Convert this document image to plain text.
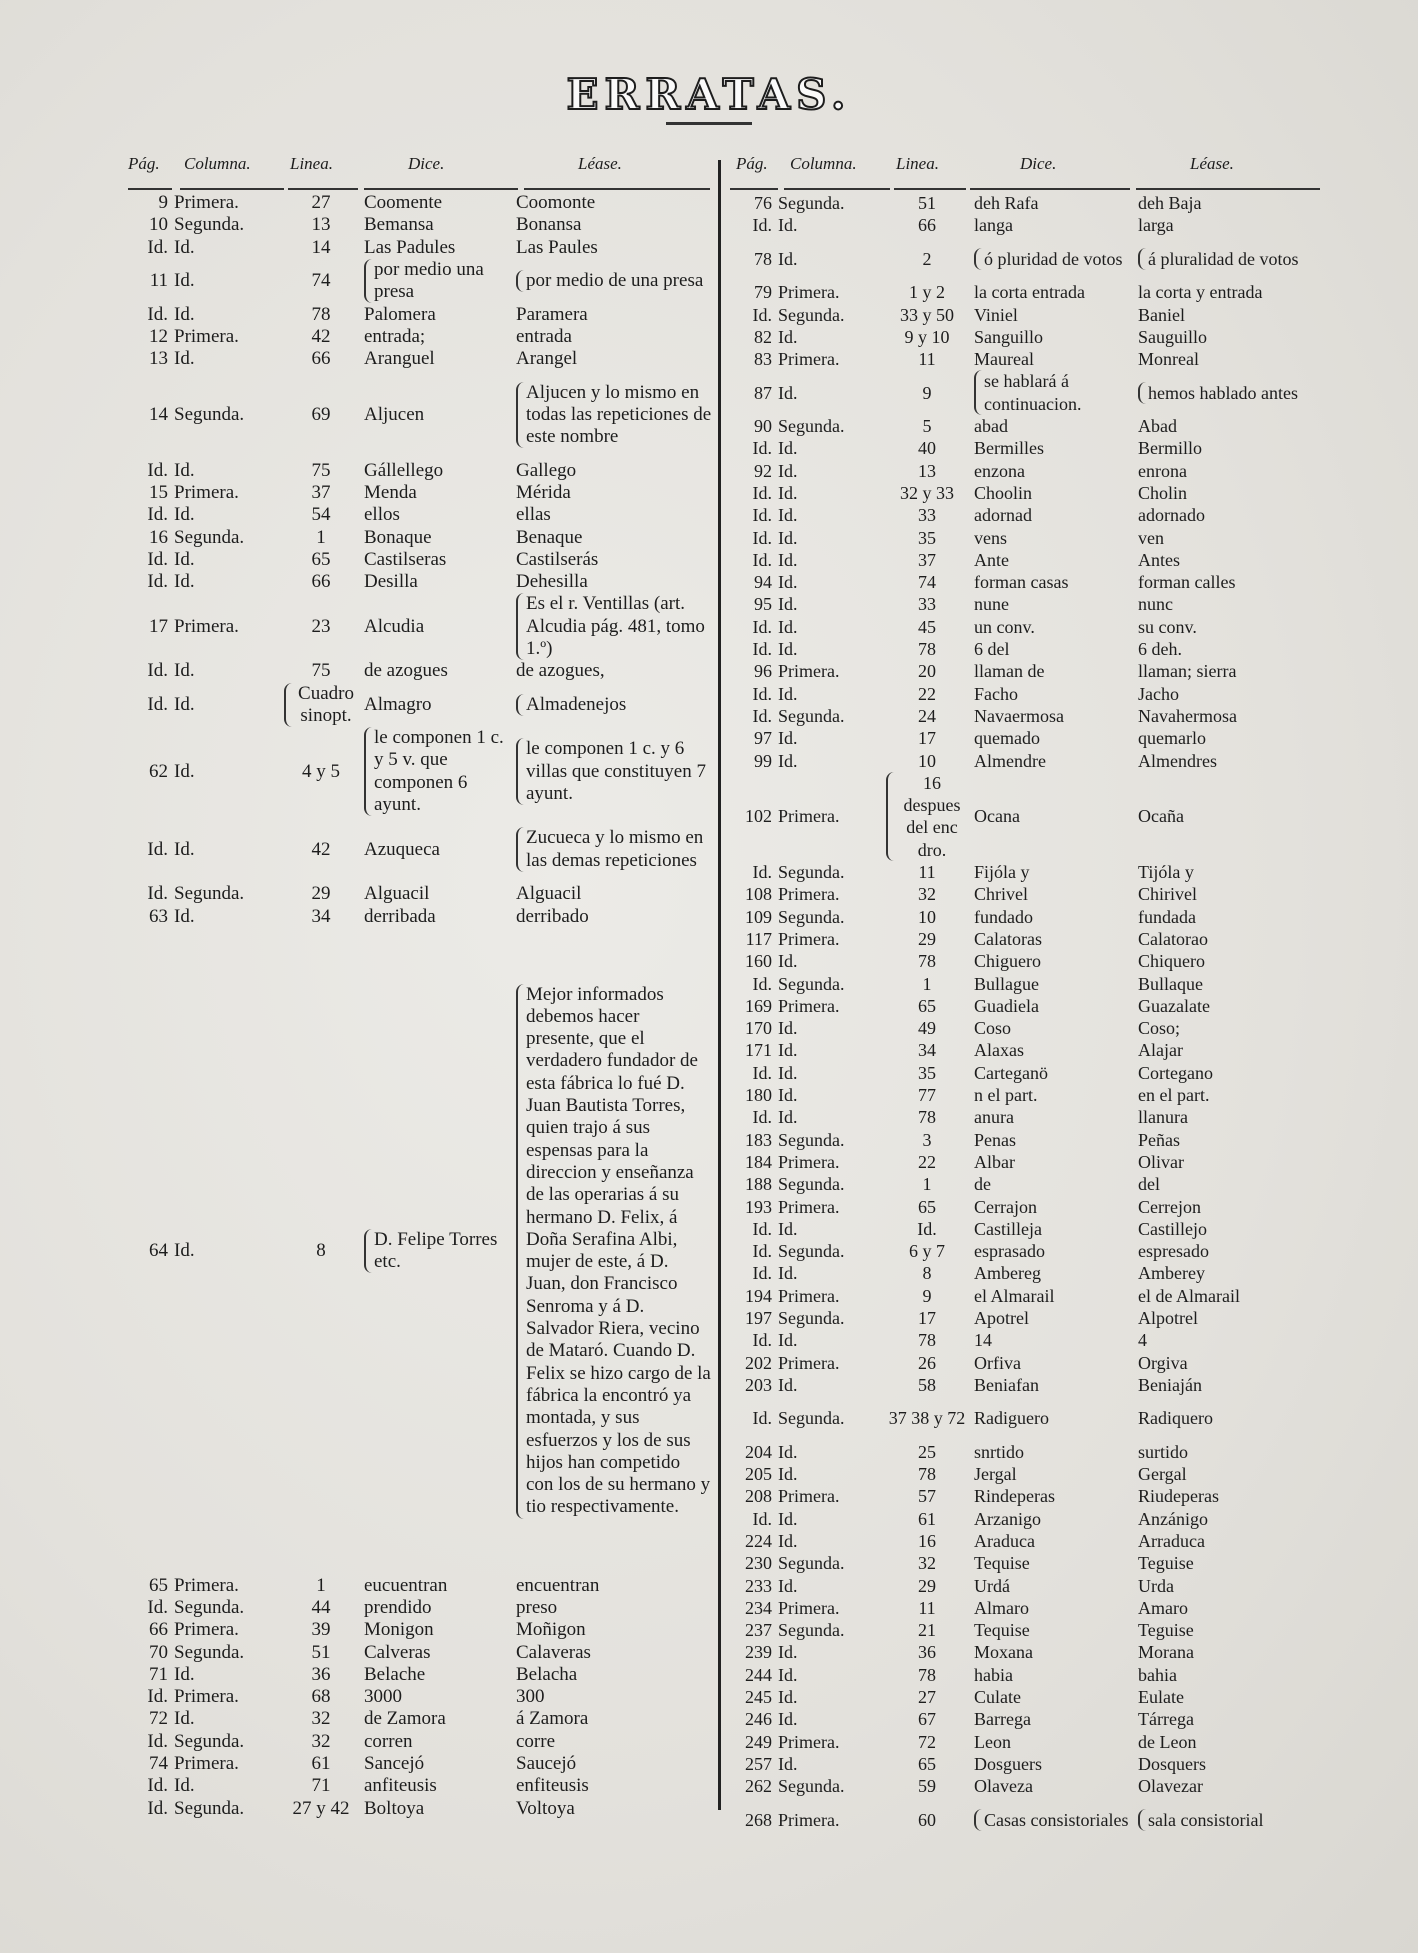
ERRATAS.
Pág. Columna. Linea.	Dice.	Léase.
9	Primera.	27	Coomente	Coomonte
10	Segunda.	13	Bemansa	Bonansa
Id.	Id.	14	Las Padules	Las Paules
11	Id.	74	por medio una presa	por medio de una presa
Id.	Id.	78	Palomera	Paramera
12	Primera.	42	entrada;	entrada
13	Id.	66	Aranguel	Arangel
14	Segunda.	69	Aljucen	Aljucen y lo mismo en todas las repeticiones de este nombre
Id.	Id.	75	Gállellego	Gallego
15	Primera.	37	Menda	Mérida
Id.	Id.	54	ellos	ellas
16	Segunda.	1	Bonaque	Benaque
Id.	Id.	65	Castilseras	Castilserás
Id.	Id.	66	Desilla	Dehesilla
17	Primera.	23	Alcudia	Es el r. Ventillas (art. Alcudia pág. 481, tomo 1.º)
Id.	Id.	75	de azogues	de azogues,
Id.	Id.	Cuadro sinopt.	Almagro	Almadenejos
62	Id.	4 y 5	le componen 1 c. y 5 v. que componen 6 ayunt.	le componen 1 c. y 6 villas que constituyen 7 ayunt.
Id.	Id.	42	Azuqueca	Zucueca y lo mismo en las demas repeticiones
Id.	Segunda.	29	Alguacil	Alguacil
63	Id.	34	derribada	derribado
64	Id.	8	D. Felipe Torres etc.	Mejor informados debemos hacer presente, que el verdadero fundador de esta fábrica lo fué D. Juan Bautista Torres, quien trajo á sus espensas para la direccion y enseñanza de las operarias á su hermano D. Felix, á Doña Serafina Albi, mujer de este, á D. Juan, don Francisco Senroma y á D. Salvador Riera, vecino de Mataró. Cuando D. Felix se hizo cargo de la fábrica la encontró ya montada, y sus esfuerzos y los de sus hijos han competido con los de su hermano y tio respectivamente.
65	Primera.	1	eucuentran	encuentran
Id.	Segunda.	44	prendido	preso
66	Primera.	39	Monigon	Moñigon
70	Segunda.	51	Calveras	Calaveras
71	Id.	36	Belache	Belacha
Id.	Primera.	68	3000	300
72	Id.	32	de Zamora	á Zamora
Id.	Segunda.	32	corren	corre
74	Primera.	61	Sancejó	Saucejó
Id.	Id.	71	anfiteusis	enfiteusis
Id.	Segunda.	27 y 42	Boltoya	Voltoya
Pág. Columna. Linea.	Dice.	Léase.
76	Segunda.	51	deh Rafa	deh Baja
Id.	Id.	66	langa	larga
78	Id.	2	ó pluridad de votos	á pluralidad de votos
79	Primera.	1 y 2	la corta entrada	la corta y entrada
Id.	Segunda.	33 y 50	Viniel	Baniel
82	Id.	9 y 10	Sanguillo	Sauguillo
83	Primera.	11	Maureal	Monreal
87	Id.	9	se hablará á continuacion.	hemos hablado antes
90	Segunda.	5	abad	Abad
Id.	Id.	40	Bermilles	Bermillo
92	Id.	13	enzona	enrona
Id.	Id.	32 y 33	Choolin	Cholin
Id.	Id.	33	adornad	adornado
Id.	Id.	35	vens	ven
Id.	Id.	37	Ante	Antes
94	Id.	74	forman casas	forman calles
95	Id.	33	nune	nunc
Id.	Id.	45	un conv.	su conv.
Id.	Id.	78	6 del	6 deh.
96	Primera.	20	llaman de	llaman; sierra
Id.	Id.	22	Facho	Jacho
Id.	Segunda.	24	Navaermosa	Navahermosa
97	Id.	17	quemado	quemarlo
99	Id.	10	Almendre	Almendres
102	Primera.	16 despues del enc dro.	Ocana	Ocaña
Id.	Segunda.	11	Fijóla y	Tijóla y
108	Primera.	32	Chrivel	Chirivel
109	Segunda.	10	fundado	fundada
117	Primera.	29	Calatoras	Calatorao
160	Id.	78	Chiguero	Chiquero
Id.	Segunda.	1	Bullague	Bullaque
169	Primera.	65	Guadiela	Guazalate
170	Id.	49	Coso	Coso;
171	Id.	34	Alaxas	Alajar
Id.	Id.	35	Carteganö	Cortegano
180	Id.	77	n el part.	en el part.
Id.	Id.	78	anura	llanura
183	Segunda.	3	Penas	Peñas
184	Primera.	22	Albar	Olivar
188	Segunda.	1	de	del
193	Primera.	65	Cerrajon	Cerrejon
Id.	Id.	Id.	Castilleja	Castillejo
Id.	Segunda.	6 y 7	esprasado	espresado
Id.	Id.	8	Ambereg	Amberey
194	Primera.	9	el Almarail	el de Almarail
197	Segunda.	17	Apotrel	Alpotrel
Id.	Id.	78	14	4
202	Primera.	26	Orfiva	Orgiva
203	Id.	58	Beniafan	Beniaján
Id.	Segunda.	37 38 y 72	Radiguero	Radiquero
204	Id.	25	snrtido	surtido
205	Id.	78	Jergal	Gergal
208	Primera.	57	Rindeperas	Riudeperas
Id.	Id.	61	Arzanigo	Anzánigo
224	Id.	16	Araduca	Arraduca
230	Segunda.	32	Tequise	Teguise
233	Id.	29	Urdá	Urda
234	Primera.	11	Almaro	Amaro
237	Segunda.	21	Tequise	Teguise
239	Id.	36	Moxana	Morana
244	Id.	78	habia	bahia
245	Id.	27	Culate	Eulate
246	Id.	67	Barrega	Tárrega
249	Primera.	72	Leon	de Leon
257	Id.	65	Dosguers	Dosquers
262	Segunda.	59	Olaveza	Olavezar
268	Primera.	60	Casas consistoriales	sala consistorial
